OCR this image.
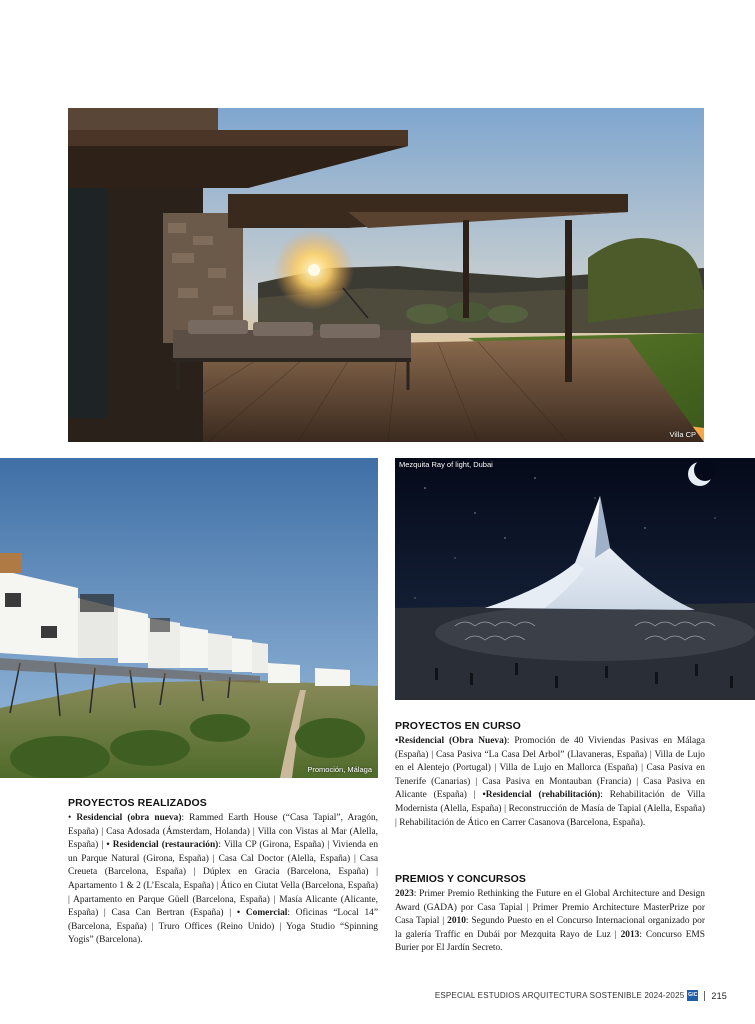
Villa CP
Promoción, Málaga
Mezquita Ray of light, Dubai
PROYECTOS REALIZADOS
• Residencial (obra nueva): Rammed Earth House (“Casa Tapial”, Aragón, España) | Casa Adosada (Ámsterdam, Holanda) | Villa con Vistas al Mar (Alella, España) | • Residencial (restauración): Villa CP (Girona, España) | Vivienda en un Parque Natural (Girona, España) | Casa Cal Doctor (Alella, España) | Casa Creueta (Barcelona, España) | Dúplex en Gracia (Barcelona, España) | Apartamento 1 & 2 (L’Escala, España) | Ático en Ciutat Vella (Barcelona, España) | Apartamento en Parque Güell (Barcelona, España) | Masía Alicante (Alicante, España) | Casa Can Bertran (España) | • Comercial: Oficinas “Local 14” (Barcelona, España) | Truro Offices (Reino Unido) | Yoga Studio “Spinning Yogis” (Barcelona).
PROYECTOS EN CURSO
•Residencial (Obra Nueva): Promoción de 40 Viviendas Pasivas en Málaga (España) | Casa Pasiva “La Casa Del Arbol” (Llavaneras, España) | Villa de Lujo en el Alentejo (Portugal) | Villa de Lujo en Mallorca (España) | Casa Pasiva en Tenerife (Canarias) | Casa Pasiva en Montauban (Francia) | Casa Pasiva en Alicante (España) | •Residencial (rehabilitación): Rehabilitación de Villa Modernista (Alella, España) | Reconstrucción de Masía de Tapial (Alella, España) | Rehabilitación de Ático en Carrer Casanova (Barcelona, España).
PREMIOS Y CONCURSOS
2023: Primer Premio Rethinking the Future en el Global Architecture and Design Award (GADA) por Casa Tapial | Primer Premio Architecture MasterPrize por Casa Tapial | 2010: Segundo Puesto en el Concurso Internacional organizado por la galería Traffic en Dubái por Mezquita Rayo de Luz | 2013: Concurso EMS Burier por El Jardín Secreto.
ESPECIAL ESTUDIOS ARQUITECTURA SOSTENIBLE 2024-2025 GIC 215
